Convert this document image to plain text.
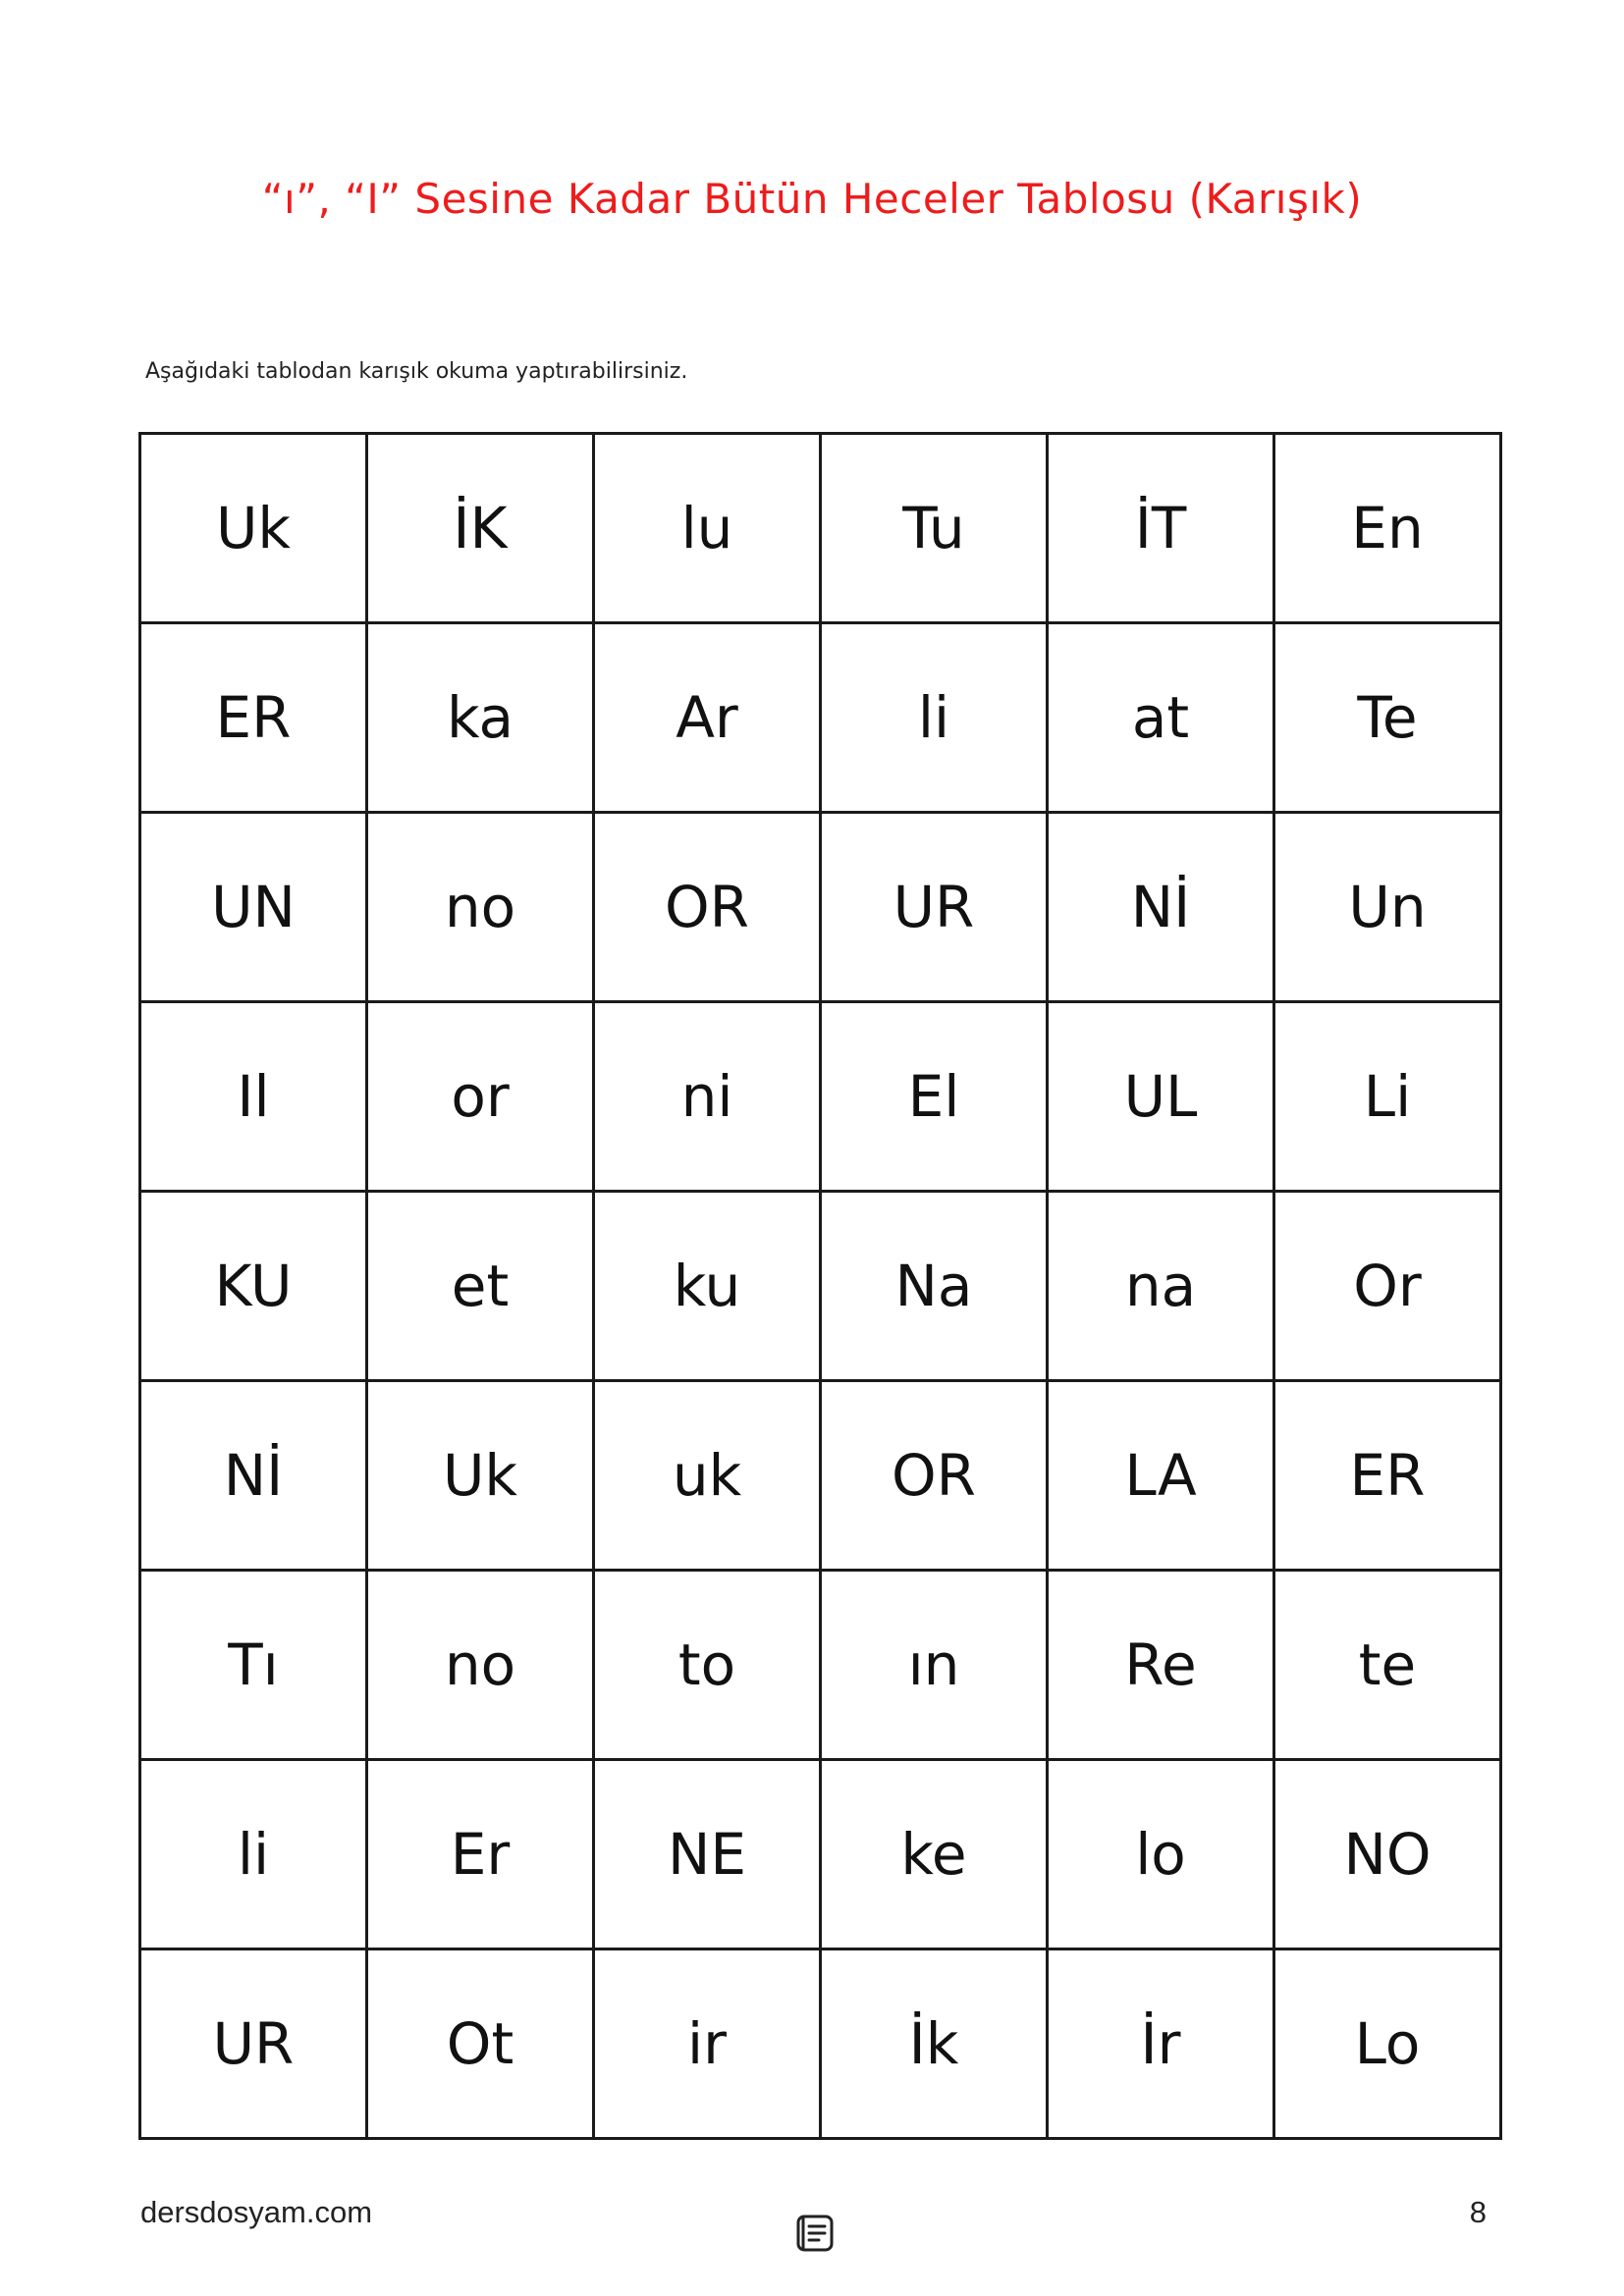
“ı”, “I” Sesine Kadar Bütün Heceler Tablosu (Karışık)
Aşağıdaki tablodan karışık okuma yaptırabilirsiniz.
Uk	İK	lu	Tu	İT	En
ER	ka	Ar	li	at	Te
UN	no	OR	UR	Nİ	Un
Il	or	ni	El	UL	Li
KU	et	ku	Na	na	Or
Nİ	Uk	uk	OR	LA	ER
Tı	no	to	ın	Re	te
li	Er	NE	ke	lo	NO
UR	Ot	ir	İk	İr	Lo
dersdosyam.com	8
